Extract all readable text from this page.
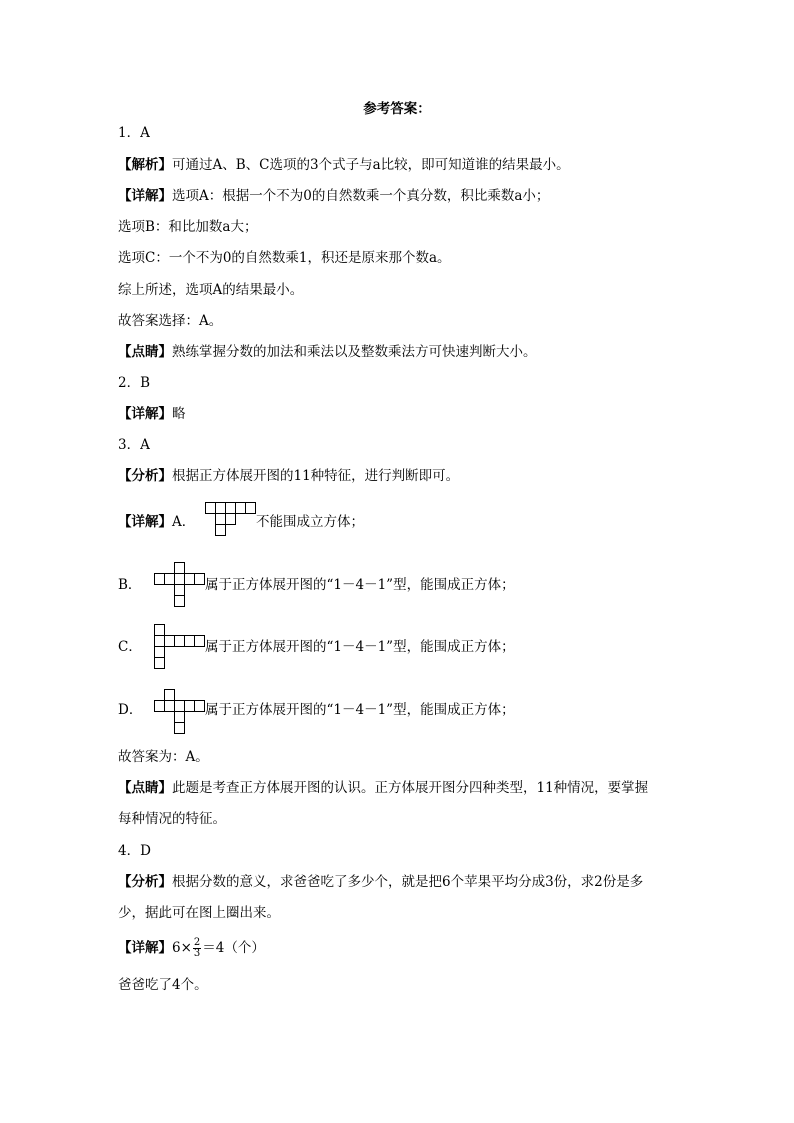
参考答案：
1．A
【解析】可通过A、B、C选项的3个式子与a比较，即可知道谁的结果最小。
【详解】选项A：根据一个不为0的自然数乘一个真分数，积比乘数a小；
选项B：和比加数a大；
选项C：一个不为0的自然数乘1，积还是原来那个数a。
综上所述，选项A的结果最小。
故答案选择：A。
【点睛】熟练掌握分数的加法和乘法以及整数乘法方可快速判断大小。
2．B
【详解】略
3．A
【分析】根据正方体展开图的11种特征，进行判断即可。
【详解】A．	不能围成立方体；
B．	属于正方体展开图的“1－4－1”型，能围成正方体；
C．	属于正方体展开图的“1－4－1”型，能围成正方体；
D．	属于正方体展开图的“1－4－1”型，能围成正方体；
故答案为：A。
【点睛】此题是考查正方体展开图的认识。正方体展开图分四种类型，11种情况，要掌握
每种情况的特征。
4．D
【分析】根据分数的意义，求爸爸吃了多少个，就是把6个苹果平均分成3份，求2份是多
少，据此可在图上圈出来。
【详解】$6\times \frac{2}{3} =4$（个）
爸爸吃了4个。
